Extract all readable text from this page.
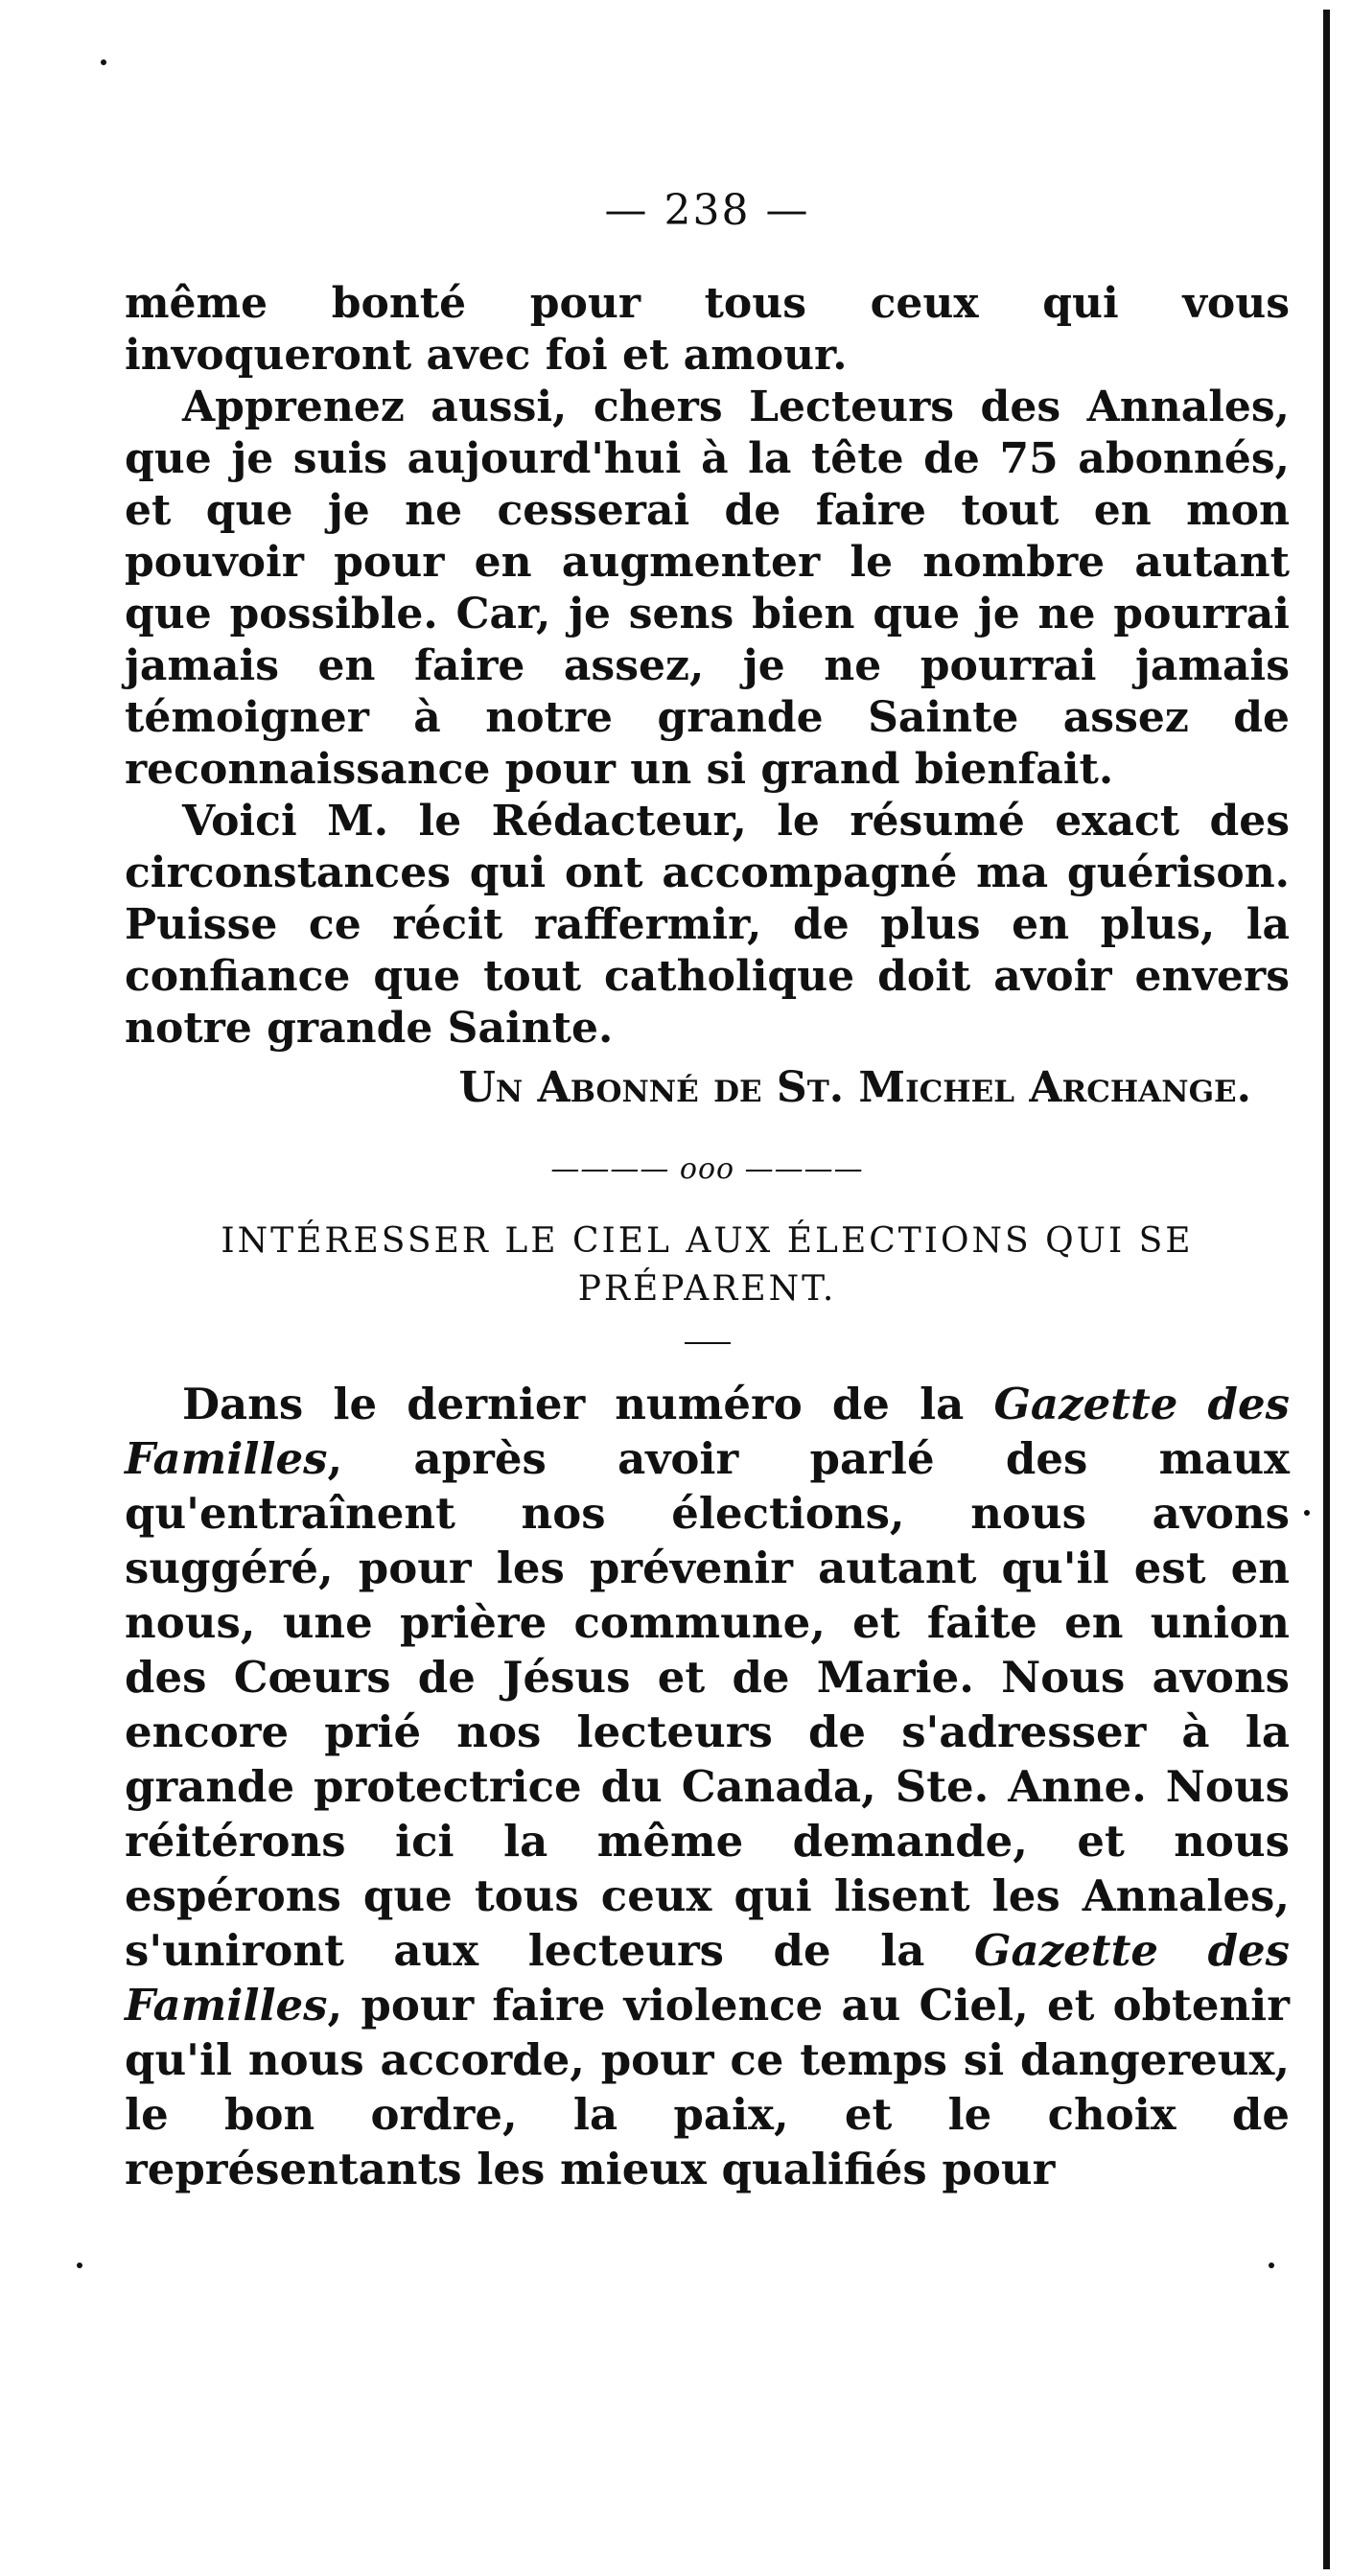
— 238 —

même bonté pour tous ceux qui vous invoqueront avec foi et amour.

Apprenez aussi, chers Lecteurs des Annales, que je suis aujourd'hui à la tête de 75 abonnés, et que je ne cesserai de faire tout en mon pouvoir pour en augmenter le nombre autant que possible. Car, je sens bien que je ne pourrai jamais en faire assez, je ne pourrai jamais témoigner à notre grande Sainte assez de reconnaissance pour un si grand bienfait.

Voici M. le Rédacteur, le résumé exact des circonstances qui ont accompagné ma guérison. Puisse ce récit raffermir, de plus en plus, la confiance que tout catholique doit avoir envers notre grande Sainte.

Un Abonné de St. Michel Archange.
———— ooo ————

INTÉRESSER LE CIEL AUX ÉLECTIONS QUI SE PRÉPARENT.

Dans le dernier numéro de la Gazette des Familles, après avoir parlé des maux qu'entraînent nos élections, nous avons suggéré, pour les prévenir autant qu'il est en nous, une prière commune, et faite en union des Cœurs de Jésus et de Marie. Nous avons encore prié nos lecteurs de s'adresser à la grande protectrice du Canada, Ste. Anne. Nous réitérons ici la même demande, et nous espérons que tous ceux qui lisent les Annales, s'uniront aux lecteurs de la Gazette des Familles, pour faire violence au Ciel, et obtenir qu'il nous accorde, pour ce temps si dangereux, le bon ordre, la paix, et le choix de représentants les mieux qualifiés pour
